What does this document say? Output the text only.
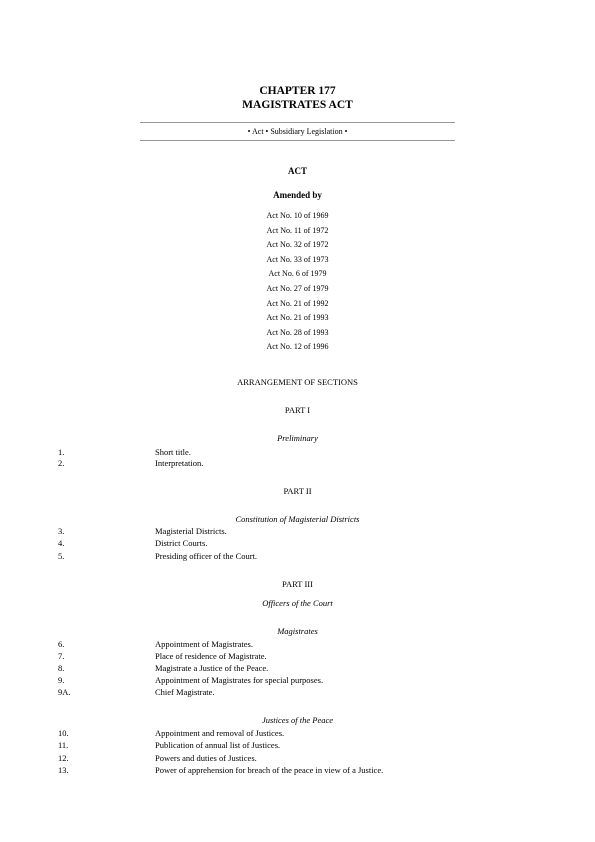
CHAPTER 177
MAGISTRATES ACT
• Act • Subsidiary Legislation •
ACT
Amended by
Act No. 10 of 1969
Act No. 11 of 1972
Act No. 32 of 1972
Act No. 33 of 1973
Act No. 6 of 1979
Act No. 27 of 1979
Act No. 21 of 1992
Act No. 21 of 1993
Act No. 28 of 1993
Act No. 12 of 1996
ARRANGEMENT OF SECTIONS
PART I
Preliminary
1.	Short title.
2.	Interpretation.
PART II
Constitution of Magisterial Districts
3.	Magisterial Districts.
4.	District Courts.
5.	Presiding officer of the Court.
PART III
Officers of the Court
Magistrates
6.	Appointment of Magistrates.
7.	Place of residence of Magistrate.
8.	Magistrate a Justice of the Peace.
9.	Appointment of Magistrates for special purposes.
9A.	Chief Magistrate.
Justices of the Peace
10.	Appointment and removal of Justices.
11.	Publication of annual list of Justices.
12.	Powers and duties of Justices.
13.	Power of apprehension for breach of the peace in view of a Justice.
